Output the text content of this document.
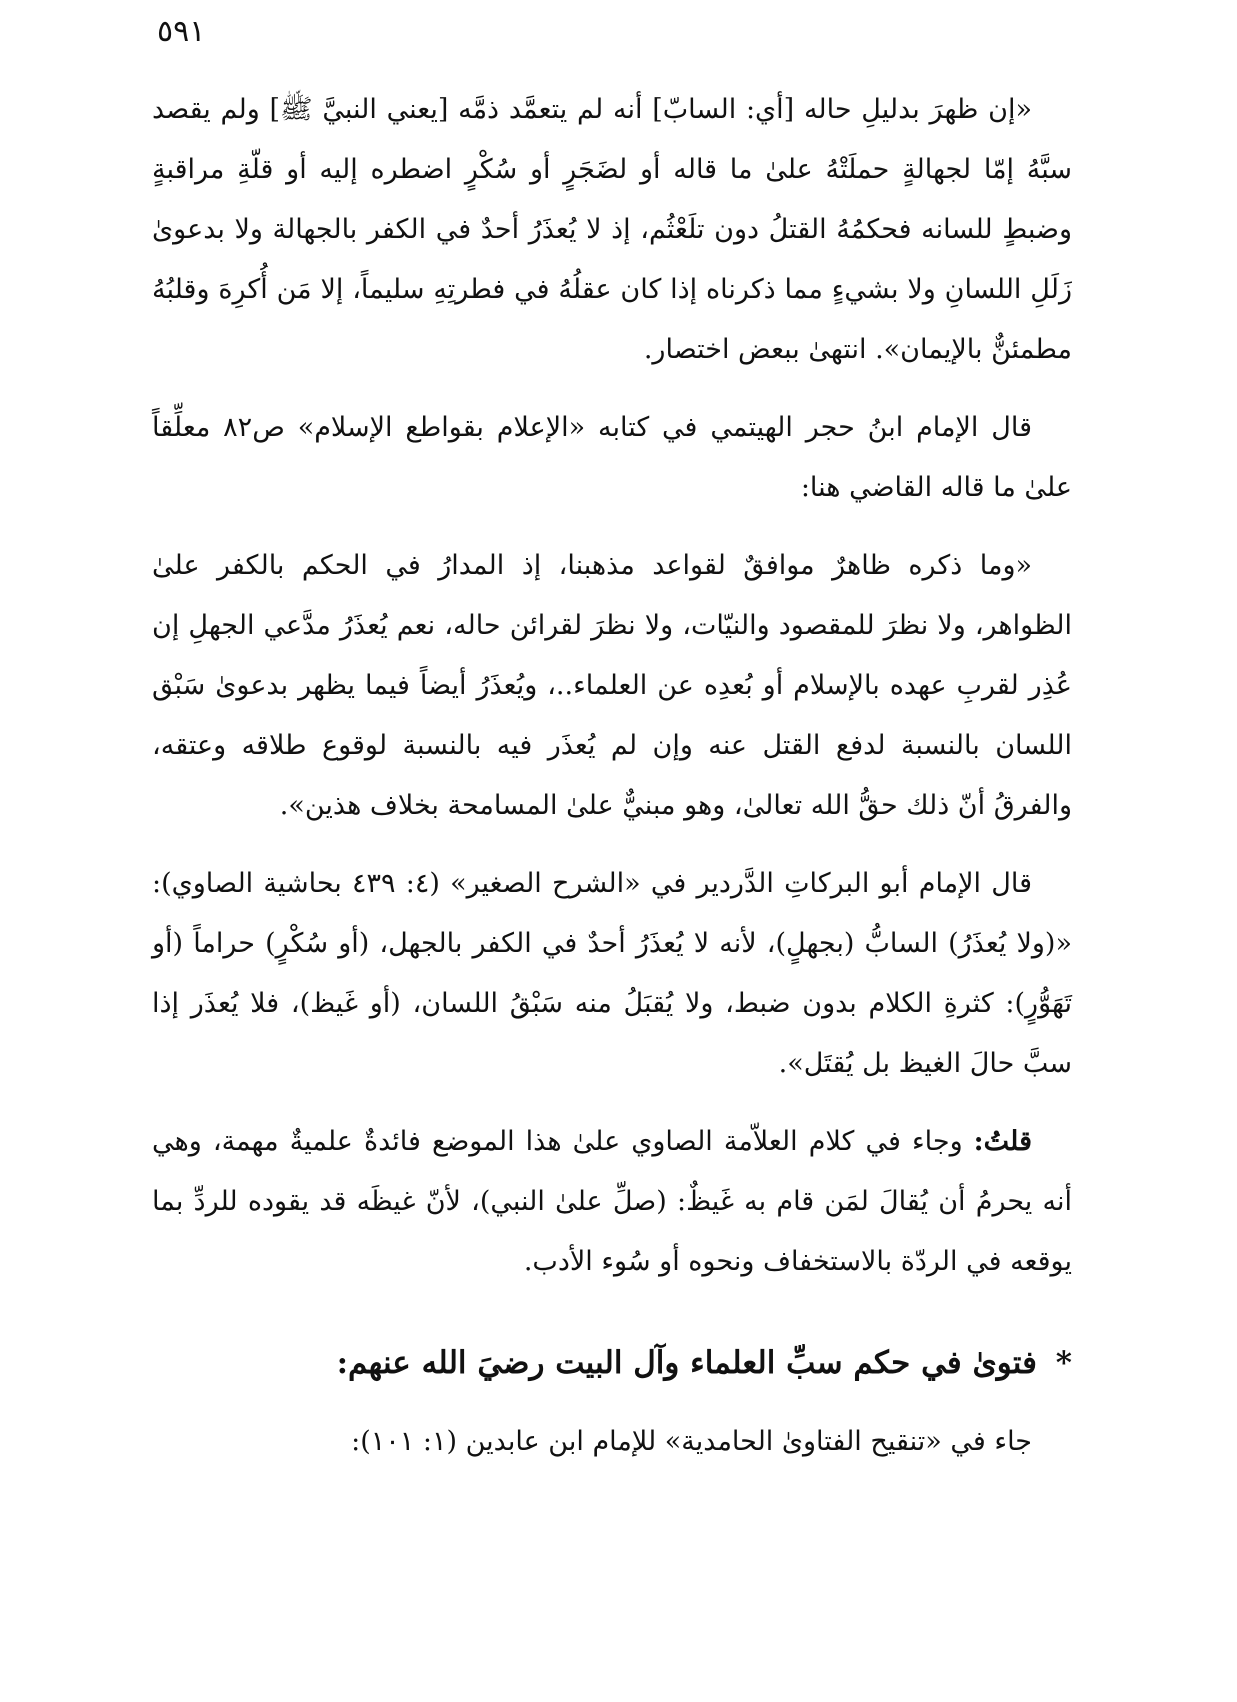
٥٩١

«إن ظهرَ بدليلِ حاله [أي: السابّ] أنه لم يتعمَّد ذمَّه [يعني النبيَّ ﷺ] ولم يقصد سبَّهُ إمّا لجهالةٍ حملَتْهُ علىٰ ما قاله أو لضَجَرٍ أو سُكْرٍ اضطره إليه أو قلّةِ مراقبةٍ وضبطٍ للسانه فحكمُهُ القتلُ دون تلَعْثُم، إذ لا يُعذَرُ أحدٌ في الكفر بالجهالة ولا بدعوىٰ زَلَلِ اللسانِ ولا بشيءٍ مما ذكرناه إذا كان عقلُهُ في فطرتِهِ سليماً، إلا مَن أُكرِهَ وقلبُهُ مطمئنٌّ بالإيمان». انتهىٰ ببعض اختصار.

قال الإمام ابنُ حجر الهيتمي في كتابه «الإعلام بقواطع الإسلام» ص٨٢ معلِّقاً علىٰ ما قاله القاضي هنا:

«وما ذكره ظاهرٌ موافقٌ لقواعد مذهبنا، إذ المدارُ في الحكم بالكفر علىٰ الظواهر، ولا نظرَ للمقصود والنيّات، ولا نظرَ لقرائن حاله، نعم يُعذَرُ مدَّعي الجهلِ إن عُذِر لقربِ عهده بالإسلام أو بُعدِه عن العلماء..، ويُعذَرُ أيضاً فيما يظهر بدعوىٰ سَبْق اللسان بالنسبة لدفع القتل عنه وإن لم يُعذَر فيه بالنسبة لوقوع طلاقه وعتقه، والفرقُ أنّ ذلك حقُّ الله تعالىٰ، وهو مبنيٌّ علىٰ المسامحة بخلاف هذين».

قال الإمام أبو البركاتِ الدَّردير في «الشرح الصغير» (٤: ٤٣٩ بحاشية الصاوي): «(ولا يُعذَرُ) السابُّ (بجهلٍ)، لأنه لا يُعذَرُ أحدٌ في الكفر بالجهل، (أو سُكْرٍ) حراماً (أو تَهَوُّرٍ): كثرةِ الكلام بدون ضبط، ولا يُقبَلُ منه سَبْقُ اللسان، (أو غَيظ)، فلا يُعذَر إذا سبَّ حالَ الغيظ بل يُقتَل».

قلتُ: وجاء في كلام العلاّمة الصاوي علىٰ هذا الموضع فائدةٌ علميةٌ مهمة، وهي أنه يحرمُ أن يُقالَ لمَن قام به غَيظٌ: (صلِّ علىٰ النبي)، لأنّ غيظَه قد يقوده للردِّ بما يوقعه في الردّة بالاستخفاف ونحوه أو سُوء الأدب.

* فتوىٰ في حكم سبِّ العلماء وآل البيت رضيَ الله عنهم:

جاء في «تنقيح الفتاوىٰ الحامدية» للإمام ابن عابدين (١: ١٠١):
